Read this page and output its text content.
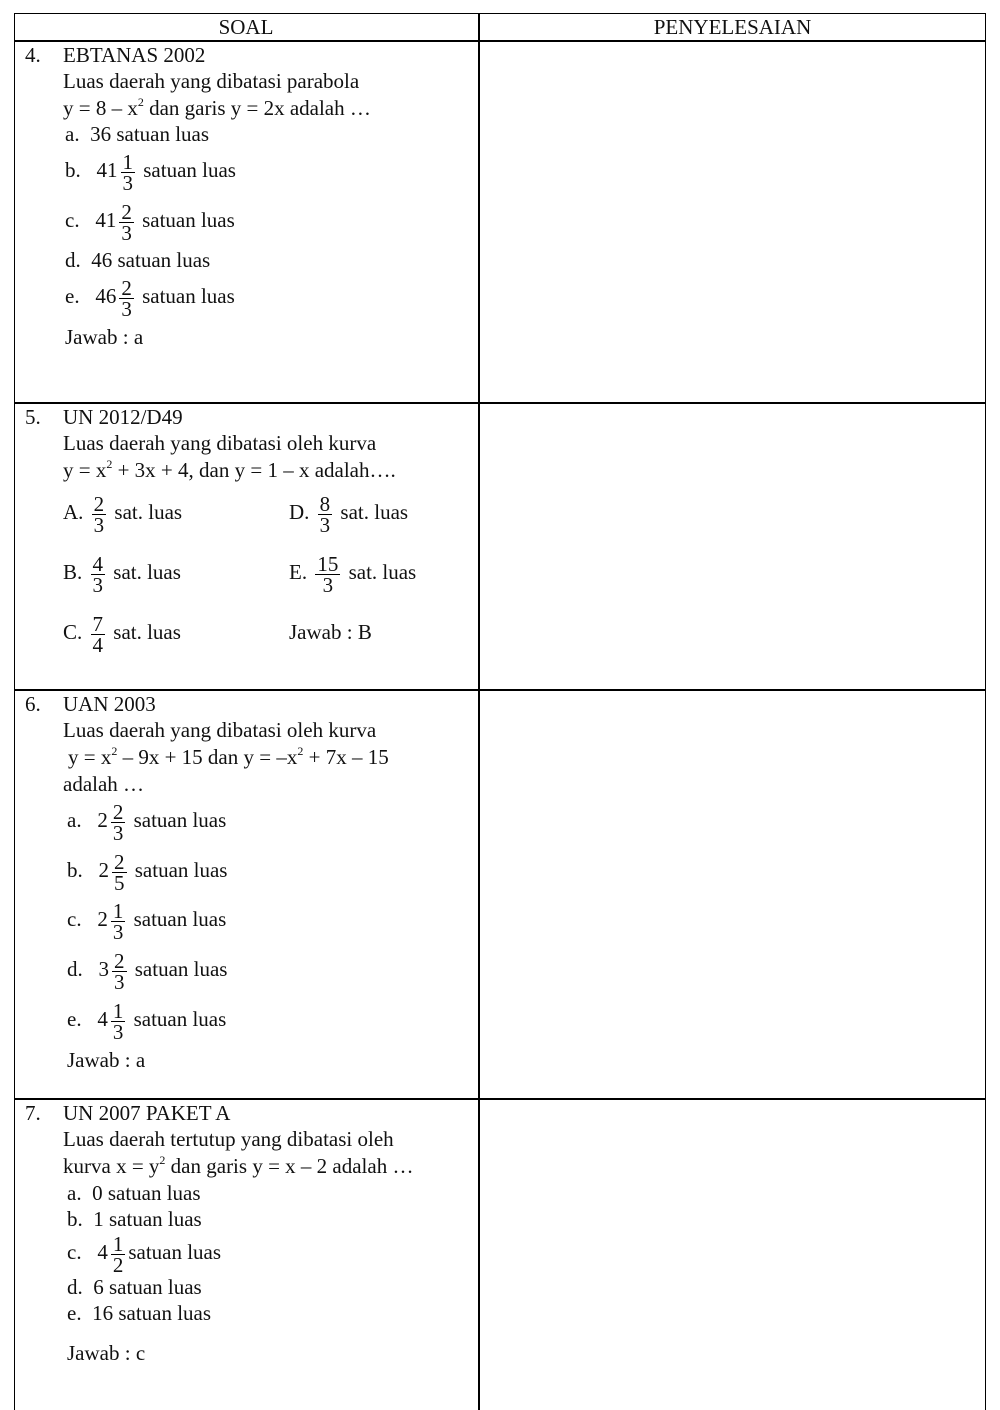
SOAL	PENYELESAIAN
4. EBTANAS 2002
Luas daerah yang dibatasi parabola
$y = 8 - x^2$ dan garis y = 2x adalah …
a. 36 satuan luas
b. $41 \frac{1}{3}$ satuan luas
c. $41 \frac{2}{3}$ satuan luas
d. 46 satuan luas
e. $46 \frac{2}{3}$ satuan luas
Jawab : a
5. UN 2012/D49
Luas daerah yang dibatasi oleh kurva
$y = x^2 + 3x + 4$, dan y = 1 – x adalah….
A. $\frac{2}{3}$ sat. luas
B. $\frac{4}{3}$ sat. luas
C. $\frac{7}{4}$ sat. luas
D. $\frac{8}{3}$ sat. luas
E. $\frac{15}{3}$ sat. luas
Jawab : B
6. UAN 2003
Luas daerah yang dibatasi oleh kurva
$y = x^2 - 9x + 15$ dan $y = -x^2 + 7x - 15$
adalah …
a. $2 \frac{2}{3}$ satuan luas
b. $2 \frac{2}{5}$ satuan luas
c. $2 \frac{1}{3}$ satuan luas
d. $3 \frac{2}{3}$ satuan luas
e. $4 \frac{1}{3}$ satuan luas
Jawab : a
7. UN 2007 PAKET A
Luas daerah tertutup yang dibatasi oleh
kurva $x = y^2$ dan garis y = x – 2 adalah …
a. 0 satuan luas
b. 1 satuan luas
c. $4 \frac{1}{2}$ satuan luas
d. 6 satuan luas
e. 16 satuan luas
Jawab : c
